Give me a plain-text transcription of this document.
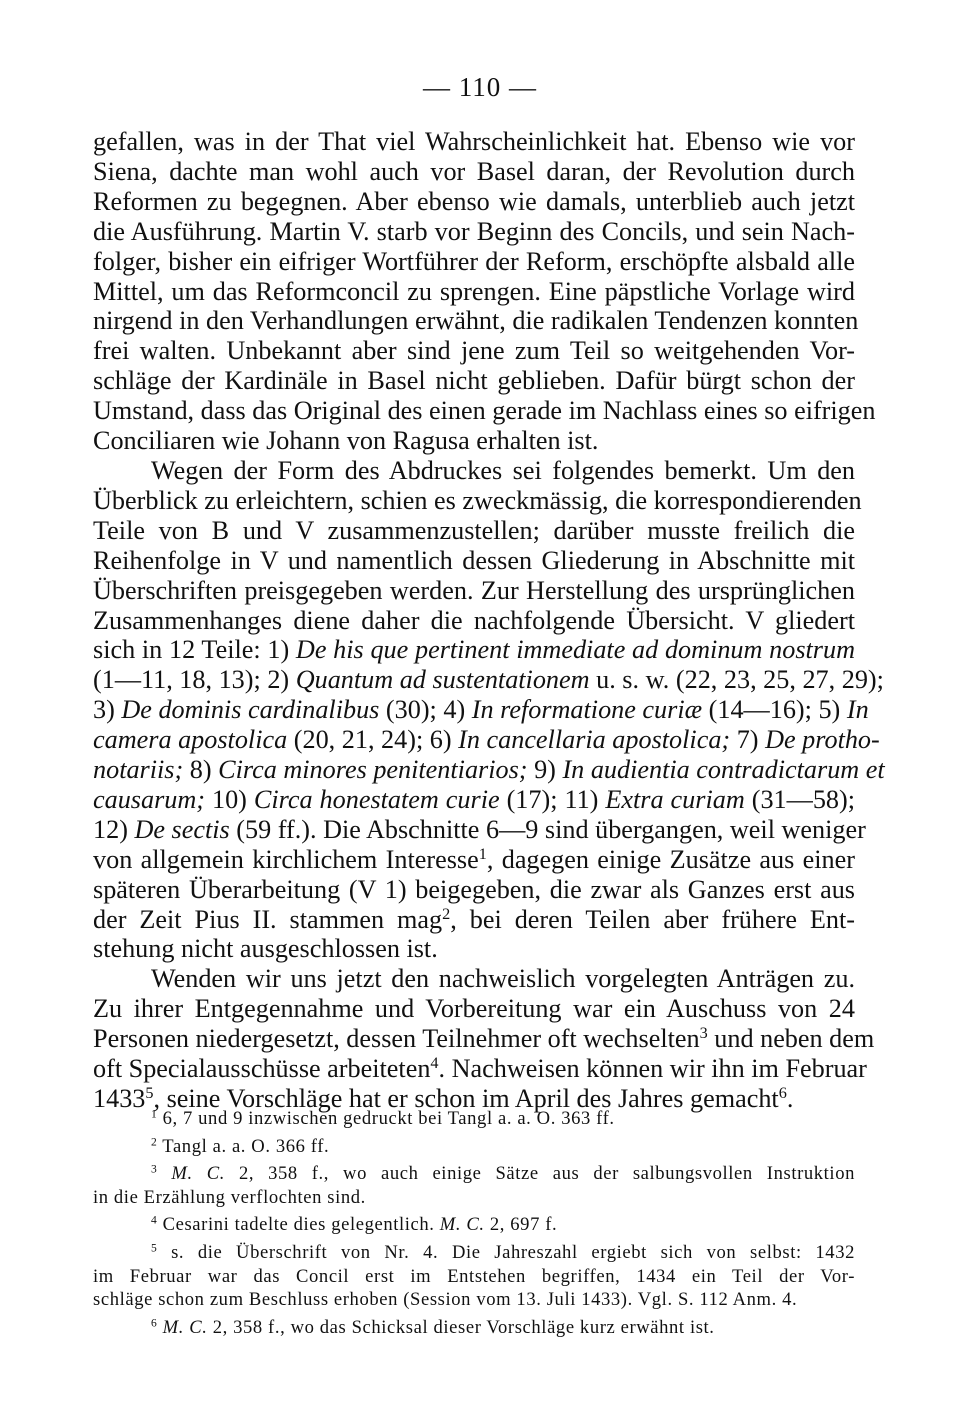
— 110 —
gefallen, was in der That viel Wahrscheinlichkeit hat. Ebenso wie vor
Siena, dachte man wohl auch vor Basel daran, der Revolution durch
Reformen zu begegnen. Aber ebenso wie damals, unterblieb auch jetzt
die Ausführung. Martin V. starb vor Beginn des Concils, und sein Nach-
folger, bisher ein eifriger Wortführer der Reform, erschöpfte alsbald alle
Mittel, um das Reformconcil zu sprengen. Eine päpstliche Vorlage wird
nirgend in den Verhandlungen erwähnt, die radikalen Tendenzen konnten
frei walten. Unbekannt aber sind jene zum Teil so weitgehenden Vor-
schläge der Kardinäle in Basel nicht geblieben. Dafür bürgt schon der
Umstand, dass das Original des einen gerade im Nachlass eines so eifrigen
Conciliaren wie Johann von Ragusa erhalten ist.
Wegen der Form des Abdruckes sei folgendes bemerkt. Um den
Überblick zu erleichtern, schien es zweckmässig, die korrespondierenden
Teile von B und V zusammenzustellen; darüber musste freilich die
Reihenfolge in V und namentlich dessen Gliederung in Abschnitte mit
Überschriften preisgegeben werden. Zur Herstellung des ursprünglichen
Zusammenhanges diene daher die nachfolgende Übersicht. V gliedert
sich in 12 Teile: 1) De his que pertinent immediate ad dominum nostrum
(1—11, 18, 13); 2) Quantum ad sustentationem u. s. w. (22, 23, 25, 27, 29);
3) De dominis cardinalibus (30); 4) In reformatione curiæ (14—16); 5) In
camera apostolica (20, 21, 24); 6) In cancellaria apostolica; 7) De protho-
notariis; 8) Circa minores penitentiarios; 9) In audientia contradictarum et
causarum; 10) Circa honestatem curie (17); 11) Extra curiam (31—58);
12) De sectis (59 ff.). Die Abschnitte 6—9 sind übergangen, weil weniger
von allgemein kirchlichem Interesse$^1$, dagegen einige Zusätze aus einer
späteren Überarbeitung (V 1) beigegeben, die zwar als Ganzes erst aus
der Zeit Pius II. stammen mag$^2$, bei deren Teilen aber frühere Ent-
stehung nicht ausgeschlossen ist.
Wenden wir uns jetzt den nachweislich vorgelegten Anträgen zu.
Zu ihrer Entgegennahme und Vorbereitung war ein Auschuss von 24
Personen niedergesetzt, dessen Teilnehmer oft wechselten$^3$ und neben dem
oft Specialausschüsse arbeiteten$^4$. Nachweisen können wir ihn im Februar
1433$^5$, seine Vorschläge hat er schon im April des Jahres gemacht$^6$.
$^1$ 6, 7 und 9 inzwischen gedruckt bei Tangl a. a. O. 363 ff.
$^2$ Tangl a. a. O. 366 ff.
$^3$ M. C. 2, 358 f., wo auch einige Sätze aus der salbungsvollen Instruktion
in die Erzählung verflochten sind.
$^4$ Cesarini tadelte dies gelegentlich. M. C. 2, 697 f.
$^5$ s. die Überschrift von Nr. 4. Die Jahreszahl ergiebt sich von selbst: 1432
im Februar war das Concil erst im Entstehen begriffen, 1434 ein Teil der Vor-
schläge schon zum Beschluss erhoben (Session vom 13. Juli 1433). Vgl. S. 112 Anm. 4.
$^6$ M. C. 2, 358 f., wo das Schicksal dieser Vorschläge kurz erwähnt ist.
